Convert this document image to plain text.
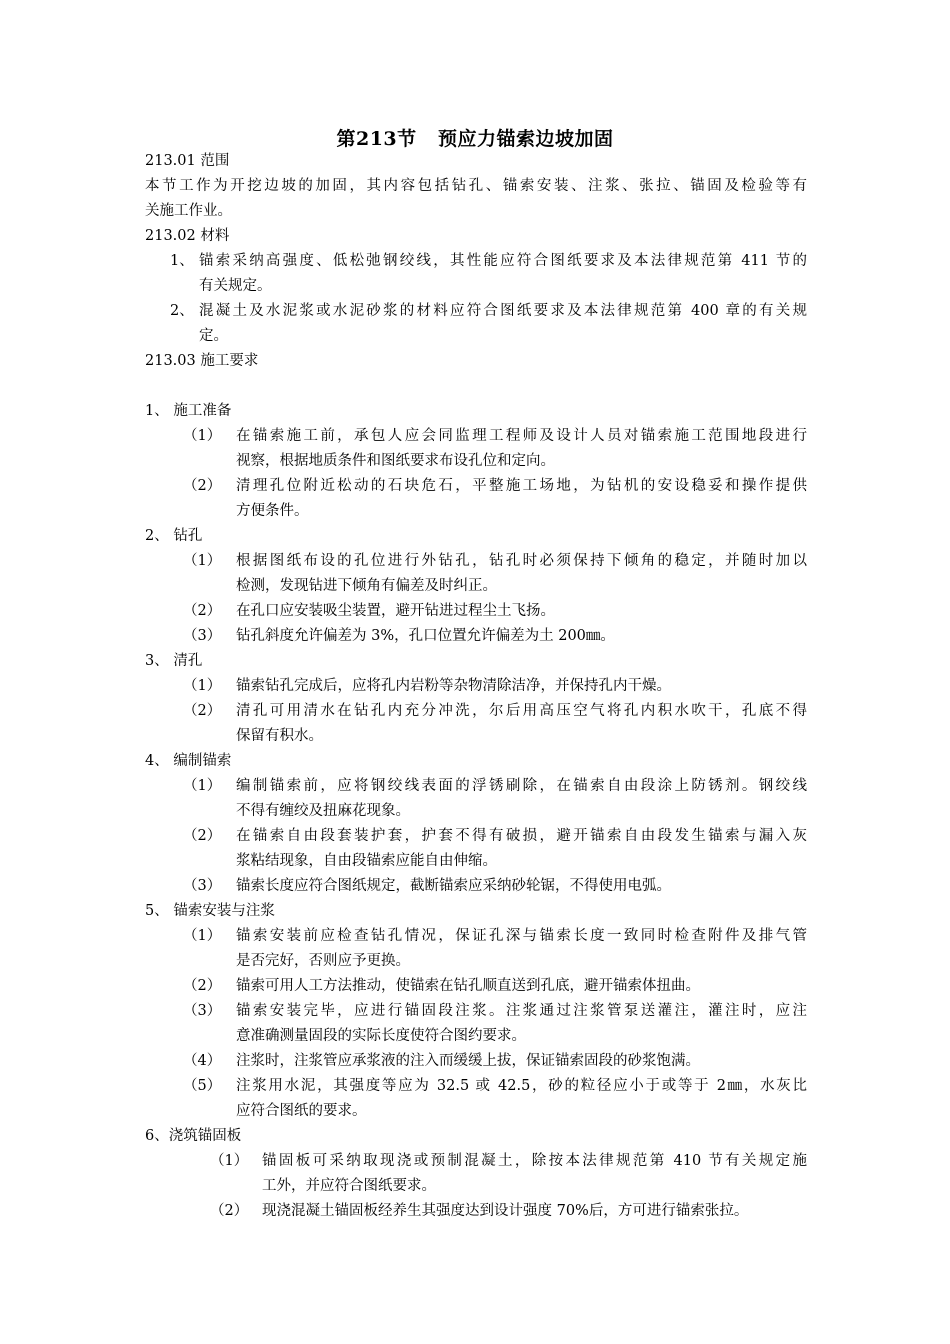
第213节   预应力锚索边坡加固
213.01 范围
本节工作为开挖边坡的加固，其内容包括钻孔、锚索安装、注浆、张拉、锚固及检验等有
关施工作业。
213.02 材料
1、 锚索采纳高强度、低松弛钢绞线，其性能应符合图纸要求及本法律规范第 411 节的
有关规定。
2、 混凝土及水泥浆或水泥砂浆的材料应符合图纸要求及本法律规范第 400 章的有关规
定。
213.03 施工要求
1、 施工准备
（1） 在锚索施工前，承包人应会同监理工程师及设计人员对锚索施工范围地段进行
视察，根据地质条件和图纸要求布设孔位和定向。
（2） 清理孔位附近松动的石块危石，平整施工场地，为钻机的安设稳妥和操作提供
方便条件。
2、 钻孔
（1） 根据图纸布设的孔位进行外钻孔，钻孔时必须保持下倾角的稳定，并随时加以
检测，发现钻进下倾角有偏差及时纠正。
（2） 在孔口应安装吸尘装置，避开钻进过程尘土飞扬。
（3） 钻孔斜度允许偏差为 3%，孔口位置允许偏差为土 200㎜。
3、 清孔
（1） 锚索钻孔完成后，应将孔内岩粉等杂物清除洁净，并保持孔内干燥。
（2） 清孔可用清水在钻孔内充分冲洗，尔后用高压空气将孔内积水吹干，孔底不得
保留有积水。
4、 编制锚索
（1） 编制锚索前，应将钢绞线表面的浮锈刷除，在锚索自由段涂上防锈剂。钢绞线
不得有缠绞及扭麻花现象。
（2） 在锚索自由段套装护套，护套不得有破损，避开锚索自由段发生锚索与漏入灰
浆粘结现象，自由段锚索应能自由伸缩。
（3） 锚索长度应符合图纸规定，截断锚索应采纳砂轮锯，不得使用电弧。
5、 锚索安装与注浆
（1） 锚索安装前应检查钻孔情况，保证孔深与锚索长度一致同时检查附件及排气管
是否完好，否则应予更换。
（2） 锚索可用人工方法推动，使锚索在钻孔顺直送到孔底，避开锚索体扭曲。
（3） 锚索安装完毕，应进行锚固段注浆。注浆通过注浆管泵送灌注，灌注时，应注
意准确测量固段的实际长度使符合图约要求。
（4） 注浆时，注浆管应承浆液的注入而缓缓上拔，保证锚索固段的砂浆饱满。
（5） 注浆用水泥，其强度等应为 32.5 或 42.5，砂的粒径应小于或等于 2㎜，水灰比
应符合图纸的要求。
6、浇筑锚固板
（1） 锚固板可采纳取现浇或预制混凝土，除按本法律规范第 410 节有关规定施
工外，并应符合图纸要求。
（2） 现浇混凝土锚固板经养生其强度达到设计强度 70%后，方可进行锚索张拉。
